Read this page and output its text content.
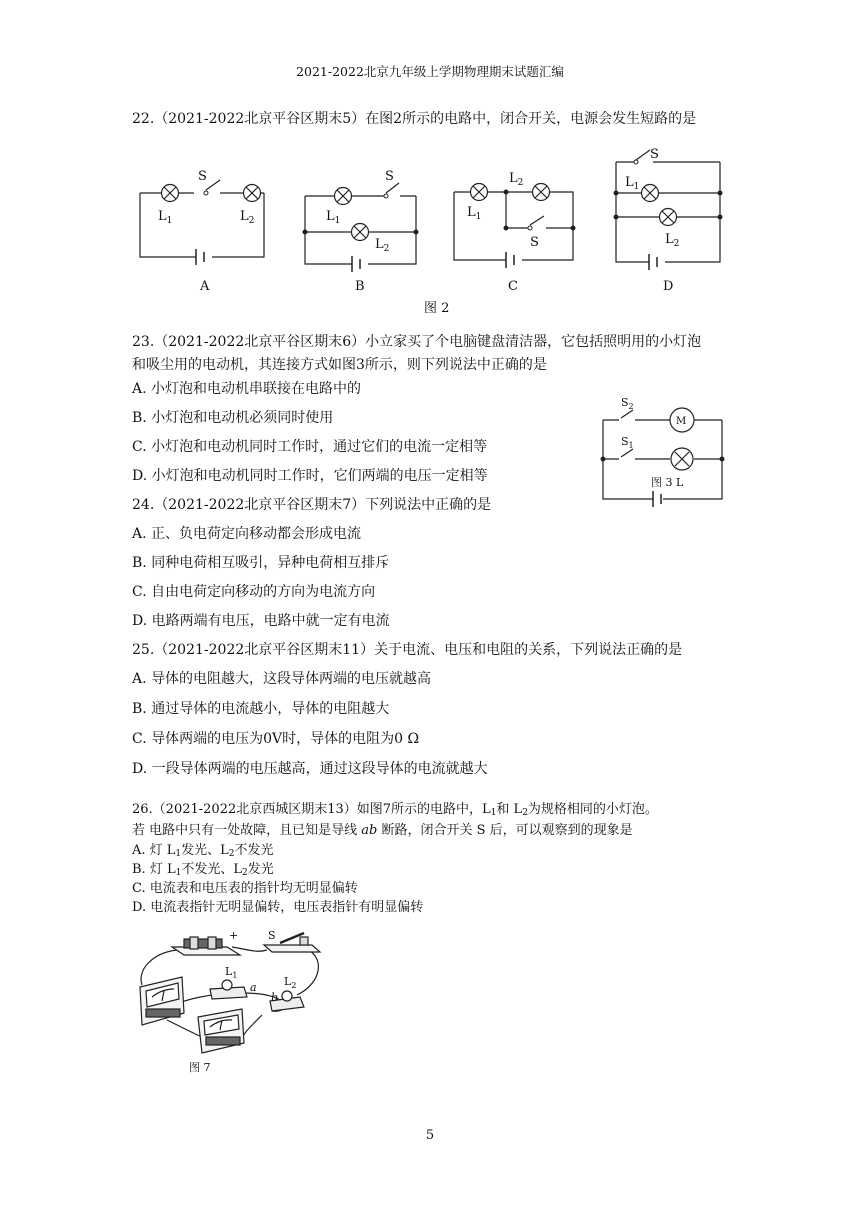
2021-2022北京九年级上学期物理期末试题汇编
22.（2021-2022北京平谷区期末5）在图2所示的电路中，闭合开关，电源会发生短路的是
S
$L_1$	$L_2$
S
$L_1$
$L_2$
$L_1$
$L_2$
S
S
$L_1$
$L_2$
A	B	C	D
图 2
23.（2021-2022北京平谷区期末6）小立家买了个电脑键盘清洁器，它包括照明用的小灯泡
和吸尘用的电动机，其连接方式如图3所示，则下列说法中正确的是
A. 小灯泡和电动机串联接在电路中的
B. 小灯泡和电动机必须同时使用
C. 小灯泡和电动机同时工作时，通过它们的电流一定相等
D. 小灯泡和电动机同时工作时，它们两端的电压一定相等
$S_2$
$S_1$
M
图 3 L
24.（2021-2022北京平谷区期末7）下列说法中正确的是
A. 正、负电荷定向移动都会形成电流
B. 同种电荷相互吸引，异种电荷相互排斥
C. 自由电荷定向移动的方向为电流方向
D. 电路两端有电压，电路中就一定有电流
25.（2021-2022北京平谷区期末11）关于电流、电压和电阻的关系，下列说法正确的是
A. 导体的电阻越大，这段导体两端的电压就越高
B. 通过导体的电流越小，导体的电阻越大
C. 导体两端的电压为0V时，导体的电阻为0 Ω
D. 一段导体两端的电压越高，通过这段导体的电流就越大
26.（2021-2022北京西城区期末13）如图7所示的电路中，$L_1$和 $L_2$为规格相同的小灯泡。
若 电路中只有一处故障，且已知是导线 ab 断路，闭合开关 S 后，可以观察到的现象是
A. 灯 $L_1$发光、$L_2$不发光
B. 灯 $L_1$不发光、$L_2$发光
C. 电流表和电压表的指针均无明显偏转
D. 电流表指针无明显偏转，电压表指针有明显偏转
+	S
$L_1$	$L_2$
a
b
图 7
5
